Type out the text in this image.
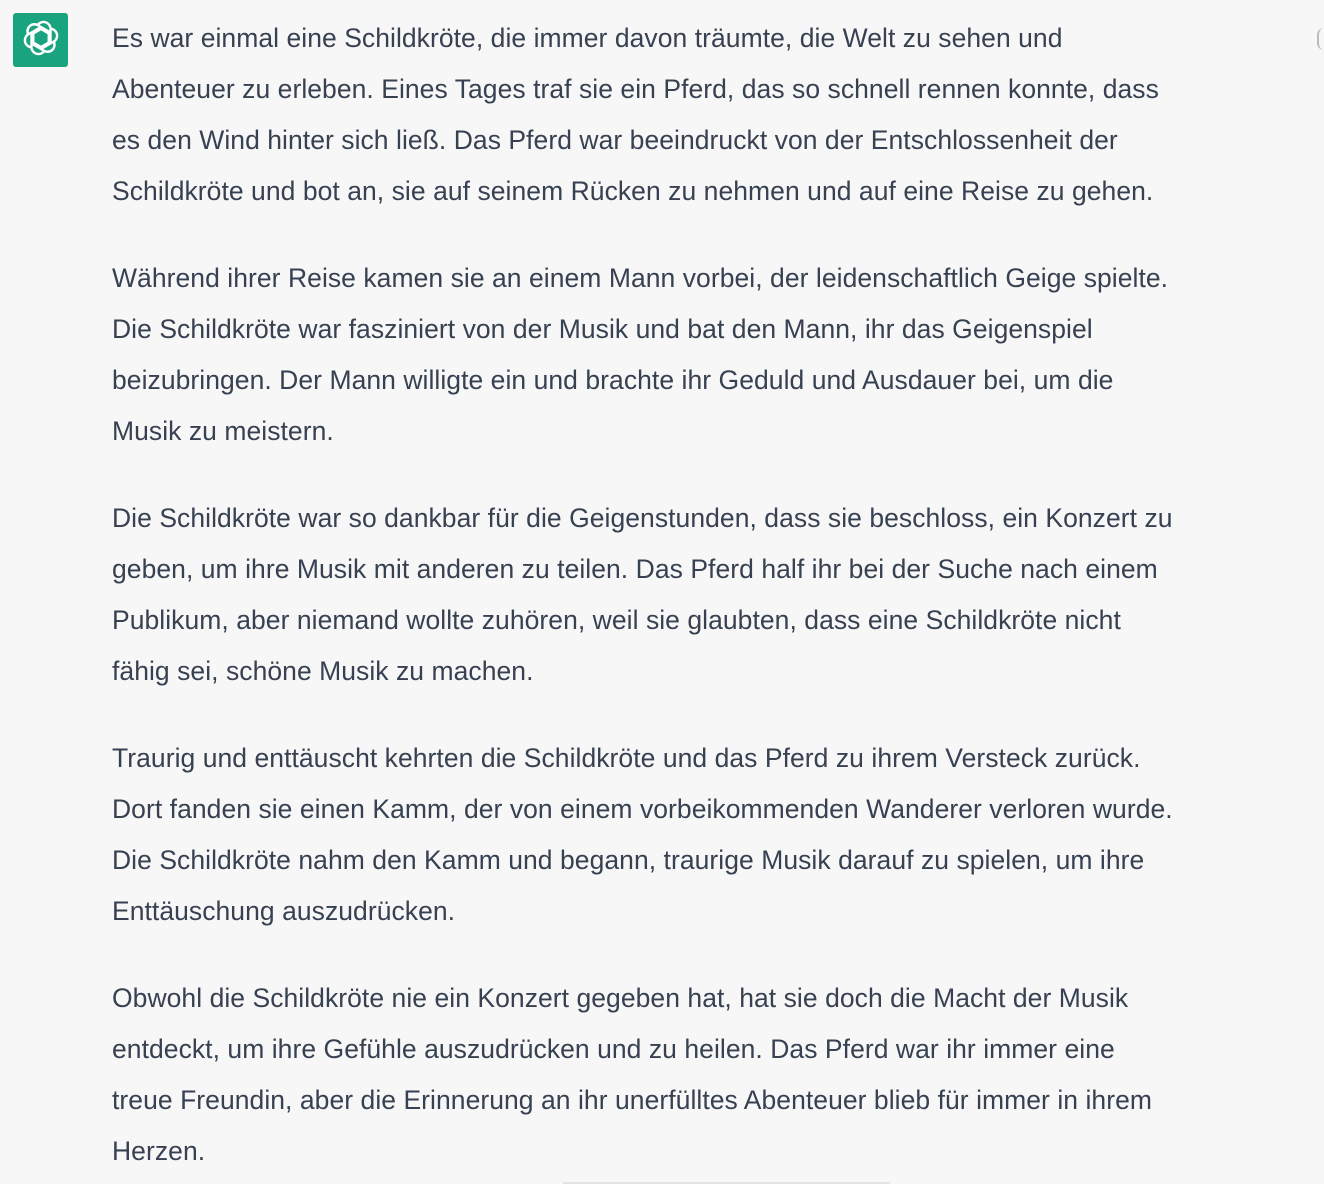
Es war einmal eine Schildkröte, die immer davon träumte, die Welt zu sehen und
Abenteuer zu erleben. Eines Tages traf sie ein Pferd, das so schnell rennen konnte, dass
es den Wind hinter sich ließ. Das Pferd war beeindruckt von der Entschlossenheit der
Schildkröte und bot an, sie auf seinem Rücken zu nehmen und auf eine Reise zu gehen.

Während ihrer Reise kamen sie an einem Mann vorbei, der leidenschaftlich Geige spielte.
Die Schildkröte war fasziniert von der Musik und bat den Mann, ihr das Geigenspiel
beizubringen. Der Mann willigte ein und brachte ihr Geduld und Ausdauer bei, um die
Musik zu meistern.

Die Schildkröte war so dankbar für die Geigenstunden, dass sie beschloss, ein Konzert zu
geben, um ihre Musik mit anderen zu teilen. Das Pferd half ihr bei der Suche nach einem
Publikum, aber niemand wollte zuhören, weil sie glaubten, dass eine Schildkröte nicht
fähig sei, schöne Musik zu machen.

Traurig und enttäuscht kehrten die Schildkröte und das Pferd zu ihrem Versteck zurück.
Dort fanden sie einen Kamm, der von einem vorbeikommenden Wanderer verloren wurde.
Die Schildkröte nahm den Kamm und begann, traurige Musik darauf zu spielen, um ihre
Enttäuschung auszudrücken.

Obwohl die Schildkröte nie ein Konzert gegeben hat, hat sie doch die Macht der Musik
entdeckt, um ihre Gefühle auszudrücken und zu heilen. Das Pferd war ihr immer eine
treue Freundin, aber die Erinnerung an ihr unerfülltes Abenteuer blieb für immer in ihrem
Herzen.
